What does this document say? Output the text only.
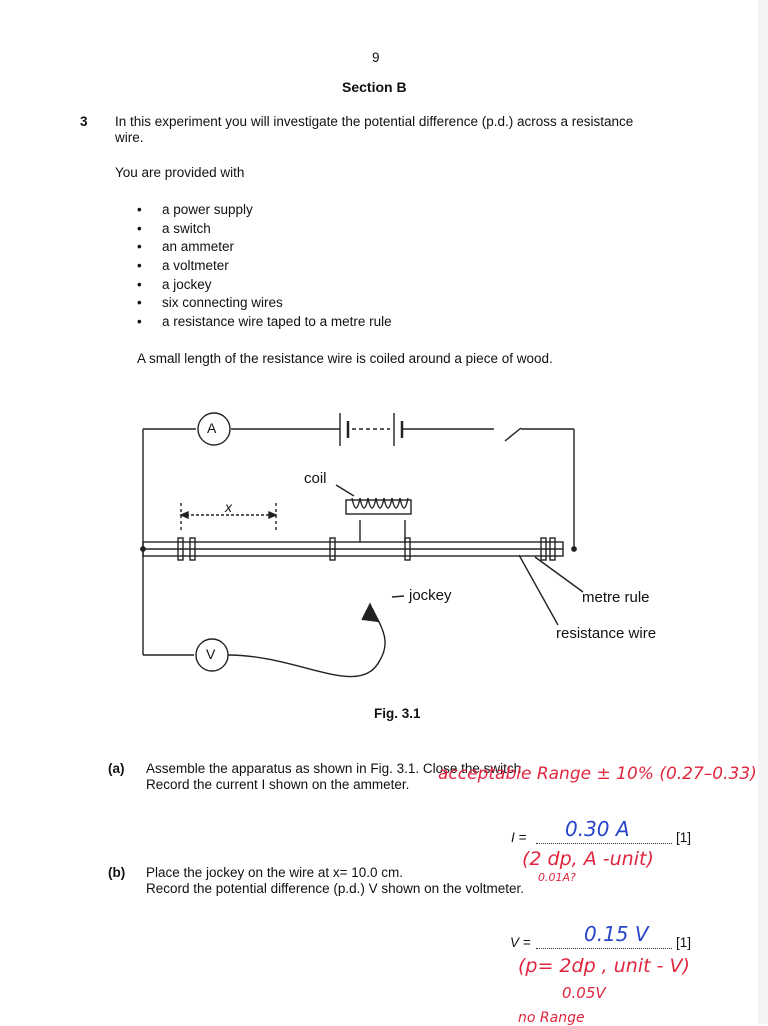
9
Section B
3 In this experiment you will investigate the potential difference (p.d.) across a resistance
wire.
You are provided with
• a power supply
• a switch
• an ammeter
• a voltmeter
• a jockey
• six connecting wires
• a resistance wire taped to a metre rule
A small length of the resistance wire is coiled around a piece of wood.
A
V
coil
x
jockey	metre rule
resistance wire
Fig. 3.1
(a) Assemble the apparatus as shown in Fig. 3.1. Close the switch.
Record the current I shown on the ammeter.
acceptable Range ± 10% (0.27–0.33)
I = 0.30 A	[1]
(2 dp, A -unit)
0.01A?
(b) Place the jockey on the wire at x= 10.0 cm.
Record the potential difference (p.d.) V shown on the voltmeter.
V =	0.15 V [1]
(p= 2dp , unit - V)
0.05V
no Range
